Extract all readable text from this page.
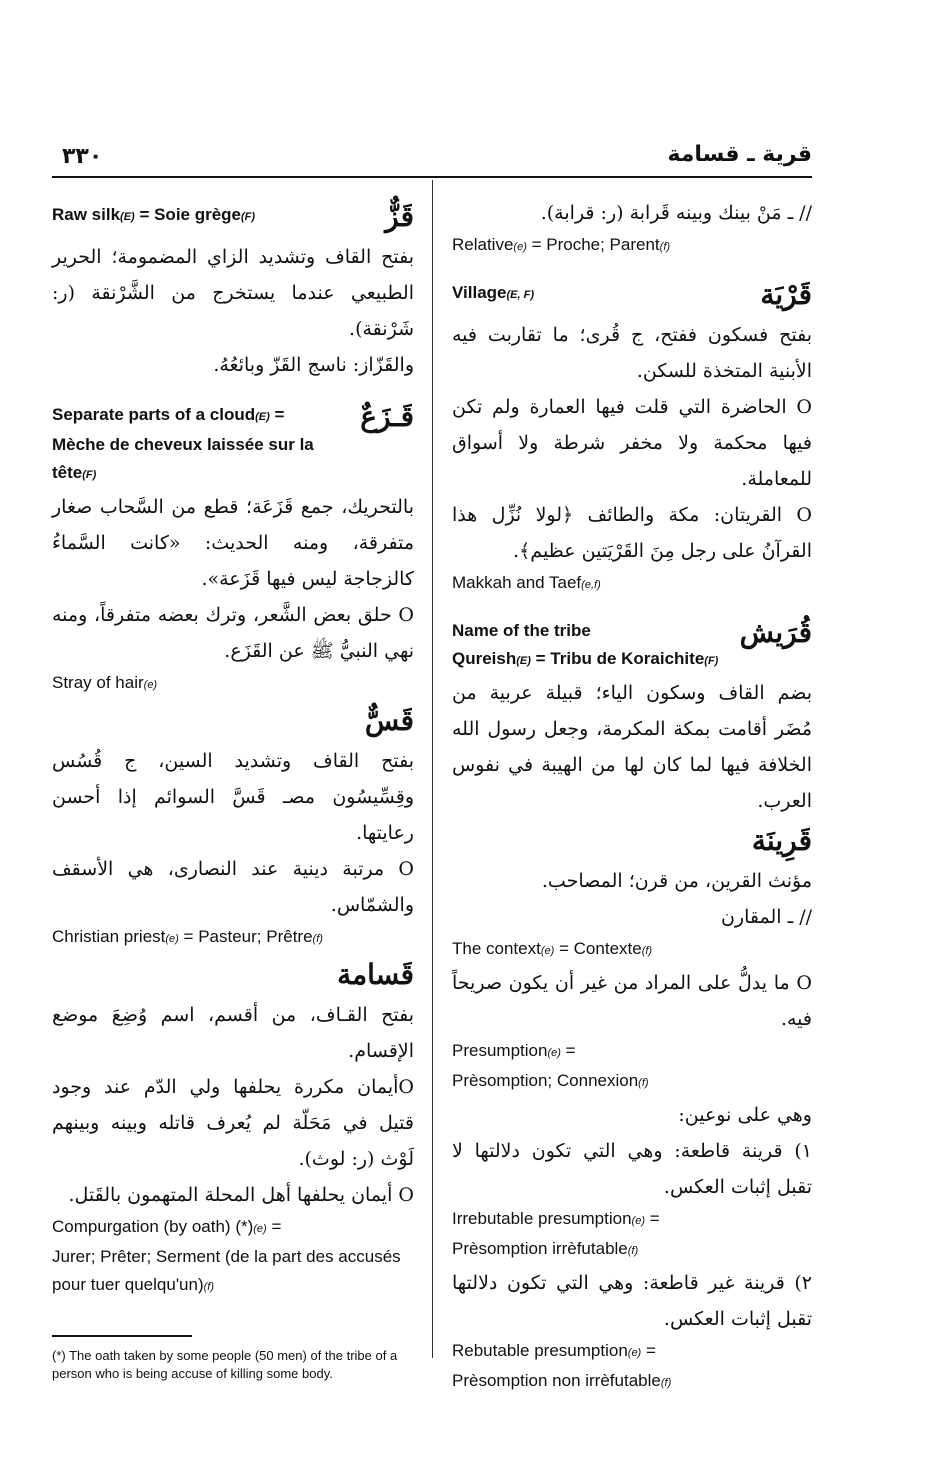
٣٣٠	قرية ـ قسامة

Raw silk(E) = Soie grège(F)	قَزٌّ

بفتح القاف وتشديد الزاي المضمومة؛ الحرير الطبيعي عندما يستخرج من الشَّرْنقة (ر: شَرْنقة).

والقَزّاز: ناسج القَزّ وبائعُهُ.

Separate parts of a cloud(E) =
Mèche de cheveux laissée sur la tête(F)

قَـزَعٌ

بالتحريك، جمع قَزَعَة؛ قطع من السَّحاب صغار متفرقة، ومنه الحديث: «كانت السَّماءُ كالزجاجة ليس فيها قَزَعة».

O حلق بعض الشَّعر، وترك بعضه متفرقاً، ومنه نهي النبيُّ ﷺ عن القَزَع.

Stray of hair(e)

قَسٌّ

بفتح القاف وتشديد السين، ج قُسُس وقِسِّيسُون مصـ قَسَّ السوائم إذا أحسن رعايتها.

O مرتبة دينية عند النصارى، هي الأسقف والشمّاس.

Christian priest(e) = Pasteur; Prêtre(f)

قَسامة

بفتح القـاف، من أقسم، اسم وُضِعَ موضع الإقسام.

Oأيمان مكررة يحلفها ولي الدّم عند وجود قتيل في مَحَلّة لم يُعرف قاتله وبينه وبينهم لَوْث (ر: لوث).

O أيمان يحلفها أهل المحلة المتهمون بالقَتل.

Compurgation (by oath) (*)(e) =
Jurer; Prêter; Serment (de la part des accusés pour tuer quelqu'un)(f)

(*) The oath taken by some people (50 men) of the tribe of a person who is being accuse of killing some body.

// ـ مَنْ بينك وبينه قَرابة (ر: قرابة).

Relative(e) = Proche; Parent(f)

Village(E, F)	قَرْيَة

بفتح فسكون ففتح، ج قُرى؛ ما تقاربت فيه الأبنية المتخذة للسكن.

O الحاضرة التي قلت فيها العمارة ولم تكن فيها محكمة ولا مخفر شرطة ولا أسواق للمعاملة.

O القريتان: مكة والطائف ﴿لولا نُزِّل هذا القرآنُ على رجل مِنَ القَرْيَتين عظيم﴾.

Makkah and Taef(e,f)

Name of the tribe
Qureish(E) = Tribu de Koraichite(F)

قُرَيش

بضم القاف وسكون الياء؛ قبيلة عربية من مُضَر أقامت بمكة المكرمة، وجعل رسول الله الخلافة فيها لما كان لها من الهيبة في نفوس العرب.

قَرِينَة

مؤنث القرين، من قرن؛ المصاحب.

// ـ المقارن

The context(e) = Contexte(f)

O ما يدلُّ على المراد من غير أن يكون صريحاً فيه.

Presumption(e) =
Prèsomption; Connexion(f)

وهي على نوعين:

١) قرينة قاطعة: وهي التي تكون دلالتها لا تقبل إثبات العكس.

Irrebutable presumption(e) =
Prèsomption irrèfutable(f)

٢) قرينة غير قاطعة: وهي التي تكون دلالتها تقبل إثبات العكس.

Rebutable presumption(e) =
Prèsomption non irrèfutable(f)
